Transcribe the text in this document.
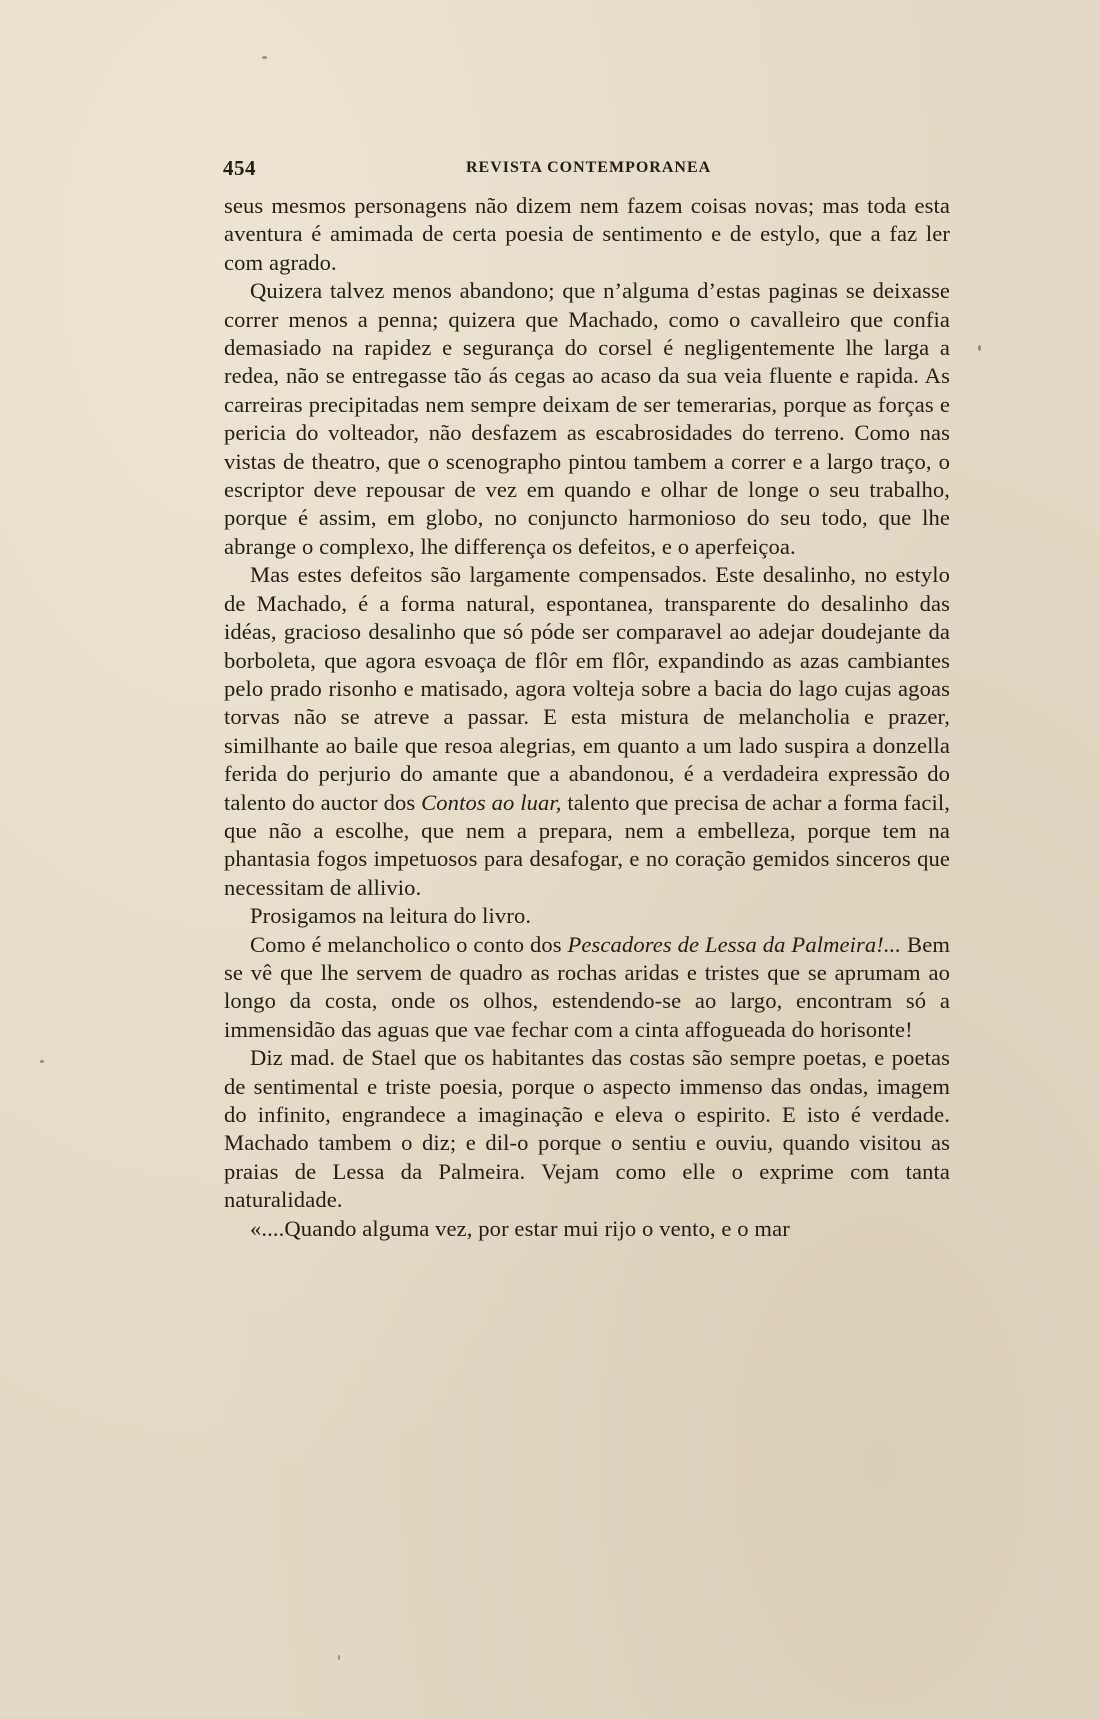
454	REVISTA CONTEMPORANEA

seus mesmos personagens não dizem nem fazem coisas novas; mas toda esta aventura é amimada de certa poesia de sentimento e de estylo, que a faz ler com agrado.

Quizera talvez menos abandono; que n’alguma d’estas paginas se deixasse correr menos a penna; quizera que Machado, como o cavalleiro que confia demasiado na rapidez e segurança do corsel é negligentemente lhe larga a redea, não se entregasse tão ás cegas ao acaso da sua veia fluente e rapida. As carreiras precipitadas nem sempre deixam de ser temerarias, porque as forças e pericia do volteador, não desfazem as escabrosidades do terreno. Como nas vistas de theatro, que o scenographo pintou tambem a correr e a largo traço, o escriptor deve repousar de vez em quando e olhar de longe o seu trabalho, porque é assim, em globo, no conjuncto harmonioso do seu todo, que lhe abrange o complexo, lhe differença os defeitos, e o aperfeiçoa.

Mas estes defeitos são largamente compensados. Este desalinho, no estylo de Machado, é a forma natural, espontanea, transparente do desalinho das idéas, gracioso desalinho que só póde ser comparavel ao adejar doudejante da borboleta, que agora esvoaça de flôr em flôr, expandindo as azas cambiantes pelo prado risonho e matisado, agora volteja sobre a bacia do lago cujas agoas torvas não se atreve a passar. E esta mistura de melancholia e prazer, similhante ao baile que resoa alegrias, em quanto a um lado suspira a donzella ferida do perjurio do amante que a abandonou, é a verdadeira expressão do talento do auctor dos Contos ao luar, talento que precisa de achar a forma facil, que não a escolhe, que nem a prepara, nem a embelleza, porque tem na phantasia fogos impetuosos para desafogar, e no coração gemidos sinceros que necessitam de allivio.

Prosigamos na leitura do livro.

Como é melancholico o conto dos Pescadores de Lessa da Palmeira!... Bem se vê que lhe servem de quadro as rochas aridas e tristes que se aprumam ao longo da costa, onde os olhos, estendendo-se ao largo, encontram só a immensidão das aguas que vae fechar com a cinta affogueada do horisonte!

Diz mad. de Stael que os habitantes das costas são sempre poetas, e poetas de sentimental e triste poesia, porque o aspecto immenso das ondas, imagem do infinito, engrandece a imaginação e eleva o espirito. E isto é verdade. Machado tambem o diz; e dil-o porque o sentiu e ouviu, quando visitou as praias de Lessa da Palmeira. Vejam como elle o exprime com tanta naturalidade.

«....Quando alguma vez, por estar mui rijo o vento, e o mar
